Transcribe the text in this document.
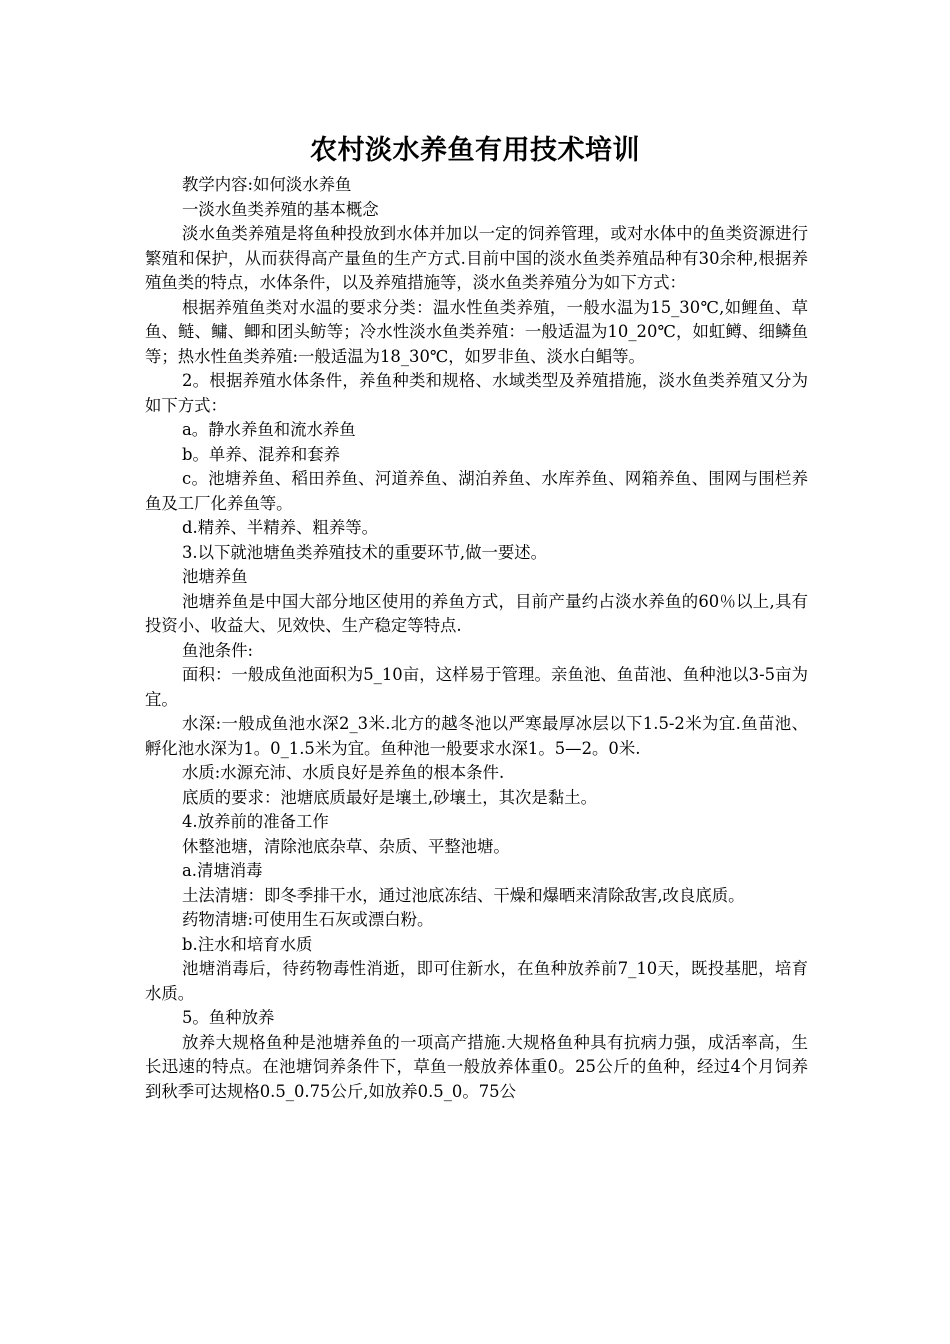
农村淡水养鱼有用技术培训

教学内容:如何淡水养鱼

一淡水鱼类养殖的基本概念

淡水鱼类养殖是将鱼种投放到水体并加以一定的饲养管理，或对水体中的鱼类资源进行繁殖和保护，从而获得高产量鱼的生产方式.目前中国的淡水鱼类养殖品种有30余种,根据养殖鱼类的特点，水体条件，以及养殖措施等，淡水鱼类养殖分为如下方式：

根据养殖鱼类对水温的要求分类：温水性鱼类养殖，一般水温为15_30℃,如鲤鱼、草鱼、鲢、鳙、鲫和团头鲂等；冷水性淡水鱼类养殖：一般适温为10_20℃，如虹鳟、细鳞鱼等；热水性鱼类养殖:一般适温为18_30℃，如罗非鱼、淡水白鲳等。

2。根据养殖水体条件，养鱼种类和规格、水域类型及养殖措施，淡水鱼类养殖又分为如下方式：

a。静水养鱼和流水养鱼

b。单养、混养和套养

c。池塘养鱼、稻田养鱼、河道养鱼、湖泊养鱼、水库养鱼、网箱养鱼、围网与围栏养鱼及工厂化养鱼等。

d.精养、半精养、粗养等。

3.以下就池塘鱼类养殖技术的重要环节,做一要述。

池塘养鱼

池塘养鱼是中国大部分地区使用的养鱼方式，目前产量约占淡水养鱼的60％以上,具有投资小、收益大、见效快、生产稳定等特点.

鱼池条件:

面积：一般成鱼池面积为5_10亩，这样易于管理。亲鱼池、鱼苗池、鱼种池以3-5亩为宜。

水深:一般成鱼池水深2_3米.北方的越冬池以严寒最厚冰层以下1.5-2米为宜.鱼苗池、孵化池水深为1。0_1.5米为宜。鱼种池一般要求水深1。5—2。0米.

水质:水源充沛、水质良好是养鱼的根本条件.

底质的要求：池塘底质最好是壤土,砂壤土，其次是黏土。

4.放养前的准备工作

休整池塘，清除池底杂草、杂质、平整池塘。

a.清塘消毒

土法清塘：即冬季排干水，通过池底冻结、干燥和爆晒来清除敌害,改良底质。

药物清塘:可使用生石灰或漂白粉。

b.注水和培育水质

池塘消毒后，待药物毒性消逝，即可住新水，在鱼种放养前7_10天，既投基肥，培育水质。

5。鱼种放养

放养大规格鱼种是池塘养鱼的一项高产措施.大规格鱼种具有抗病力强，成活率高，生长迅速的特点。在池塘饲养条件下，草鱼一般放养体重0。25公斤的鱼种，经过4个月饲养到秋季可达规格0.5_0.75公斤,如放养0.5_0。75公
